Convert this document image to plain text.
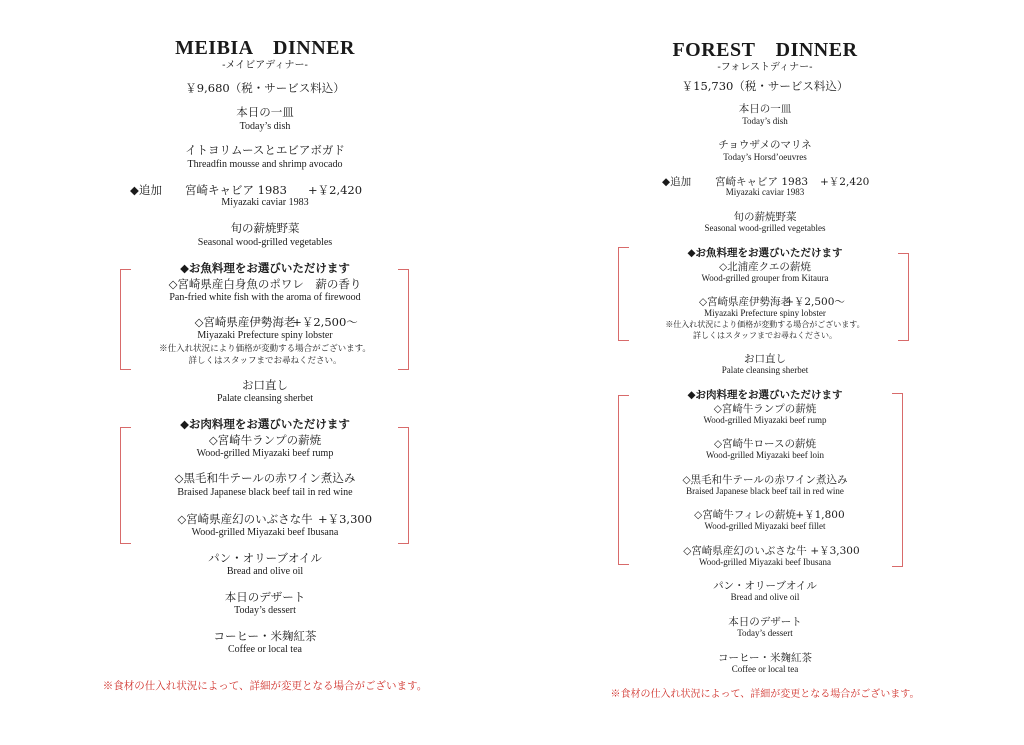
MEIBIA　DINNER
-メイビアディナー-
￥9,680（税・サービス料込）
本日の一皿
Today’s dish
イトヨリムースとエビアボガド
Threadfin mousse and shrimp avocado
◆追加 宮崎キャビア 1983 +￥2,420
Miyazaki caviar 1983
旬の薪焼野菜
Seasonal wood-grilled vegetables
◆お魚料理をお選びいただけます
◇宮崎県産白身魚のポワレ　薪の香り
Pan-fried white fish with the aroma of firewood
◇宮崎県産伊勢海老
+￥2,500～
Miyazaki Prefecture spiny lobster
※仕入れ状況により価格が変動する場合がございます。
詳しくはスタッフまでお尋ねください。
お口直し
Palate cleansing sherbet
◆お肉料理をお選びいただけます
◇宮崎牛ランプの薪焼
Wood-grilled Miyazaki beef rump
◇黒毛和牛テールの赤ワイン煮込み
Braised Japanese black beef tail in red wine
◇宮崎県産幻のいぶさな牛 +￥3,300
Wood-grilled Miyazaki beef Ibusana
パン・オリーブオイル
Bread and olive oil
本日のデザート
Today’s dessert
コーヒー・米麹紅茶
Coffee or local tea
※食材の仕入れ状況によって、詳細が変更となる場合がございます。
FOREST　DINNER
-フォレストディナー-
￥15,730（税・サービス料込）
本日の一皿
Today’s dish
チョウザメのマリネ
Today’s Horsd’oeuvres
◆追加 宮崎キャビア 1983 +￥2,420
Miyazaki caviar 1983
旬の薪焼野菜
Seasonal wood-grilled vegetables
◆お魚料理をお選びいただけます
◇北浦産クエの薪焼
Wood-grilled grouper from Kitaura
◇宮崎県産伊勢海老
+￥2,500～
Miyazaki Prefecture spiny lobster
※仕入れ状況により価格が変動する場合がございます。
詳しくはスタッフまでお尋ねください。
お口直し
Palate cleansing sherbet
◆お肉料理をお選びいただけます
◇宮崎牛ランプの薪焼
Wood-grilled Miyazaki beef rump
◇宮崎牛ロースの薪焼
Wood-grilled Miyazaki beef loin
◇黒毛和牛テールの赤ワイン煮込み
Braised Japanese black beef tail in red wine
◇宮崎牛フィレの薪焼 +￥1,800
Wood-grilled Miyazaki beef fillet
◇宮崎県産幻のいぶさな牛 +￥3,300
Wood-grilled Miyazaki beef Ibusana
パン・オリーブオイル
Bread and olive oil
本日のデザート
Today’s dessert
コーヒー・米麹紅茶
Coffee or local tea
※食材の仕入れ状況によって、詳細が変更となる場合がございます。
